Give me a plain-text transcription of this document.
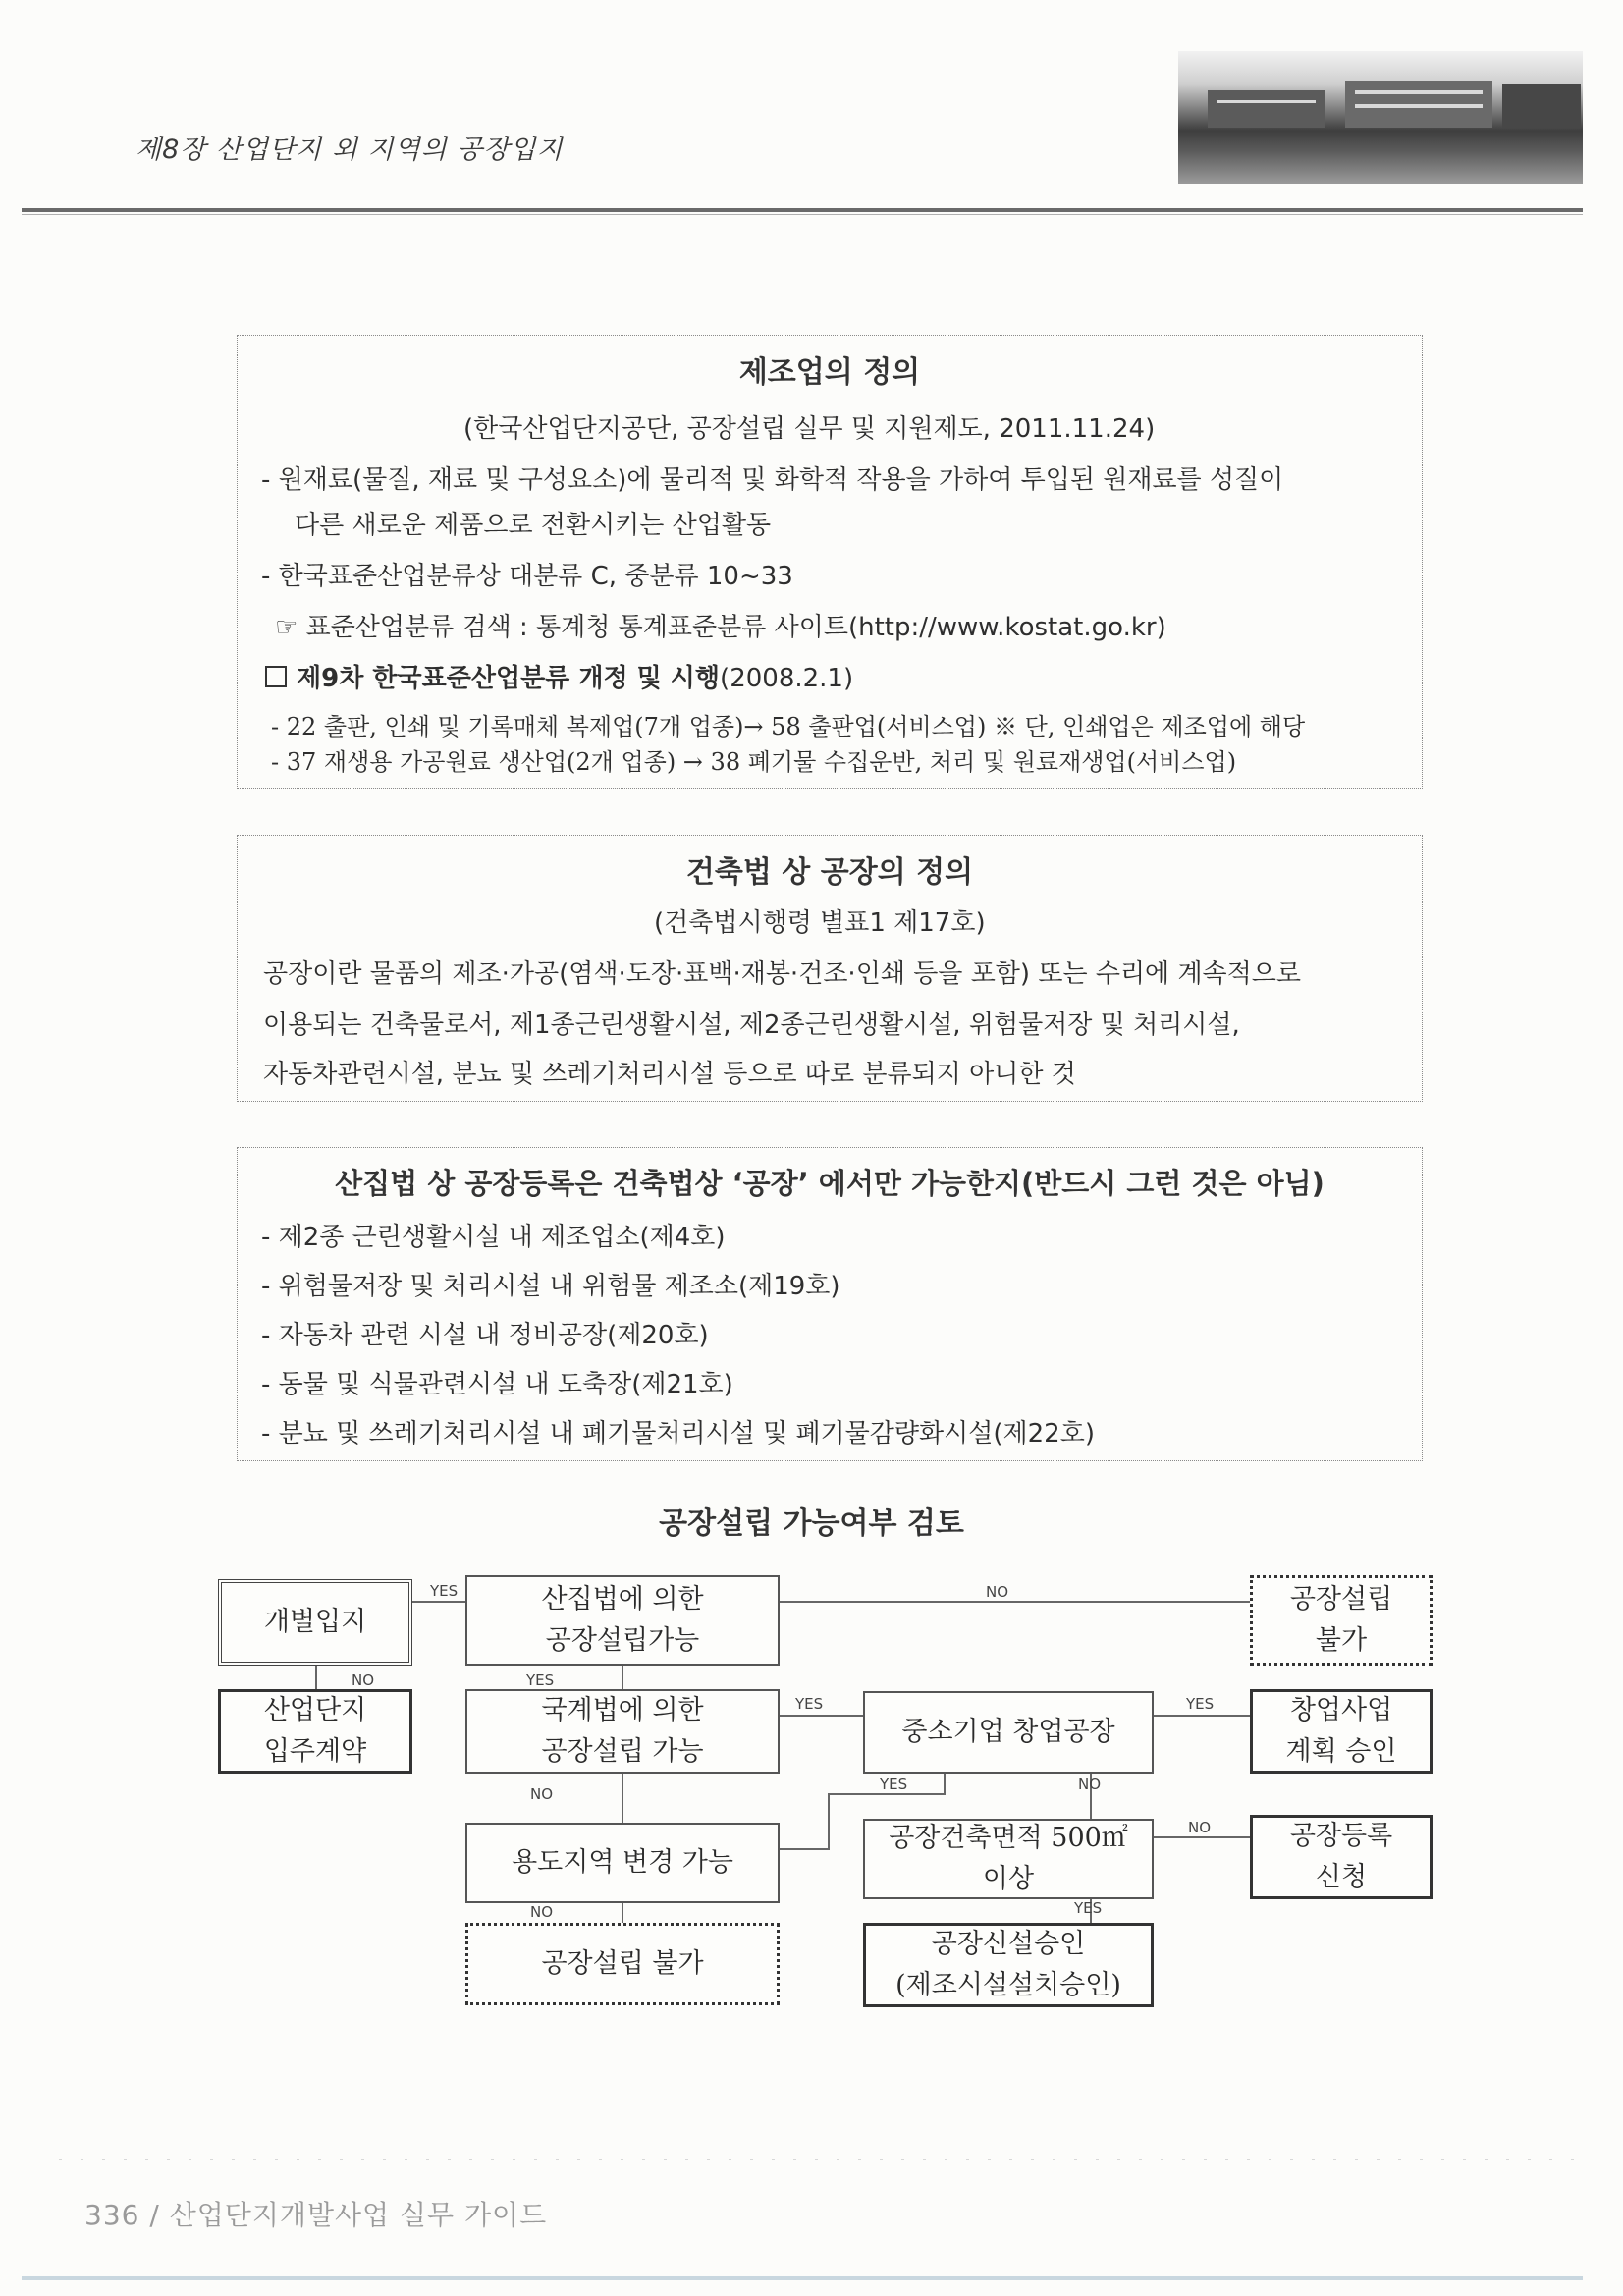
제8장 산업단지 외 지역의 공장입지
제조업의 정의
(한국산업단지공단, 공장설립 실무 및 지원제도, 2011.11.24)
- 원재료(물질, 재료 및 구성요소)에 물리적 및 화학적 작용을 가하여 투입된 원재료를 성질이
다른 새로운 제품으로 전환시키는 산업활동
- 한국표준산업분류상 대분류 C, 중분류 10~33
☞ 표준산업분류 검색 : 통계청 통계표준분류 사이트(http://www.kostat.go.kr)
제9차 한국표준산업분류 개정 및 시행(2008.2.1)
- 22 출판, 인쇄 및 기록매체 복제업(7개 업종)→ 58 출판업(서비스업) ※ 단, 인쇄업은 제조업에 해당
- 37 재생용 가공원료 생산업(2개 업종) → 38 폐기물 수집운반, 처리 및 원료재생업(서비스업)
건축법 상 공장의 정의
(건축법시행령 별표1 제17호)
공장이란 물품의 제조·가공(염색·도장·표백·재봉·건조·인쇄 등을 포함) 또는 수리에 계속적으로
이용되는 건축물로서, 제1종근린생활시설, 제2종근린생활시설, 위험물저장 및 처리시설,
자동차관련시설, 분뇨 및 쓰레기처리시설 등으로 따로 분류되지 아니한 것
산집법 상 공장등록은 건축법상 ‘공장’ 에서만 가능한지(반드시 그런 것은 아님)
- 제2종 근린생활시설 내 제조업소(제4호)
- 위험물저장 및 처리시설 내 위험물 제조소(제19호)
- 자동차 관련 시설 내 정비공장(제20호)
- 동물 및 식물관련시설 내 도축장(제21호)
- 분뇨 및 쓰레기처리시설 내 폐기물처리시설 및 폐기물감량화시설(제22호)
공장설립 가능여부 검토
YES	NO
NO	YES
YES	YES
NO
YES	NO
NO
NO	YES
개별입지
산업단지
입주계약
산집법에 의한
공장설립가능
국계법에 의한
공장설립 가능
용도지역 변경 가능
공장설립 불가
중소기업 창업공장
공장건축면적 500㎡
이상
공장신설승인
(제조시설설치승인)
공장설립
불가
창업사업
계획 승인
공장등록
신청
336 / 산업단지개발사업 실무 가이드
